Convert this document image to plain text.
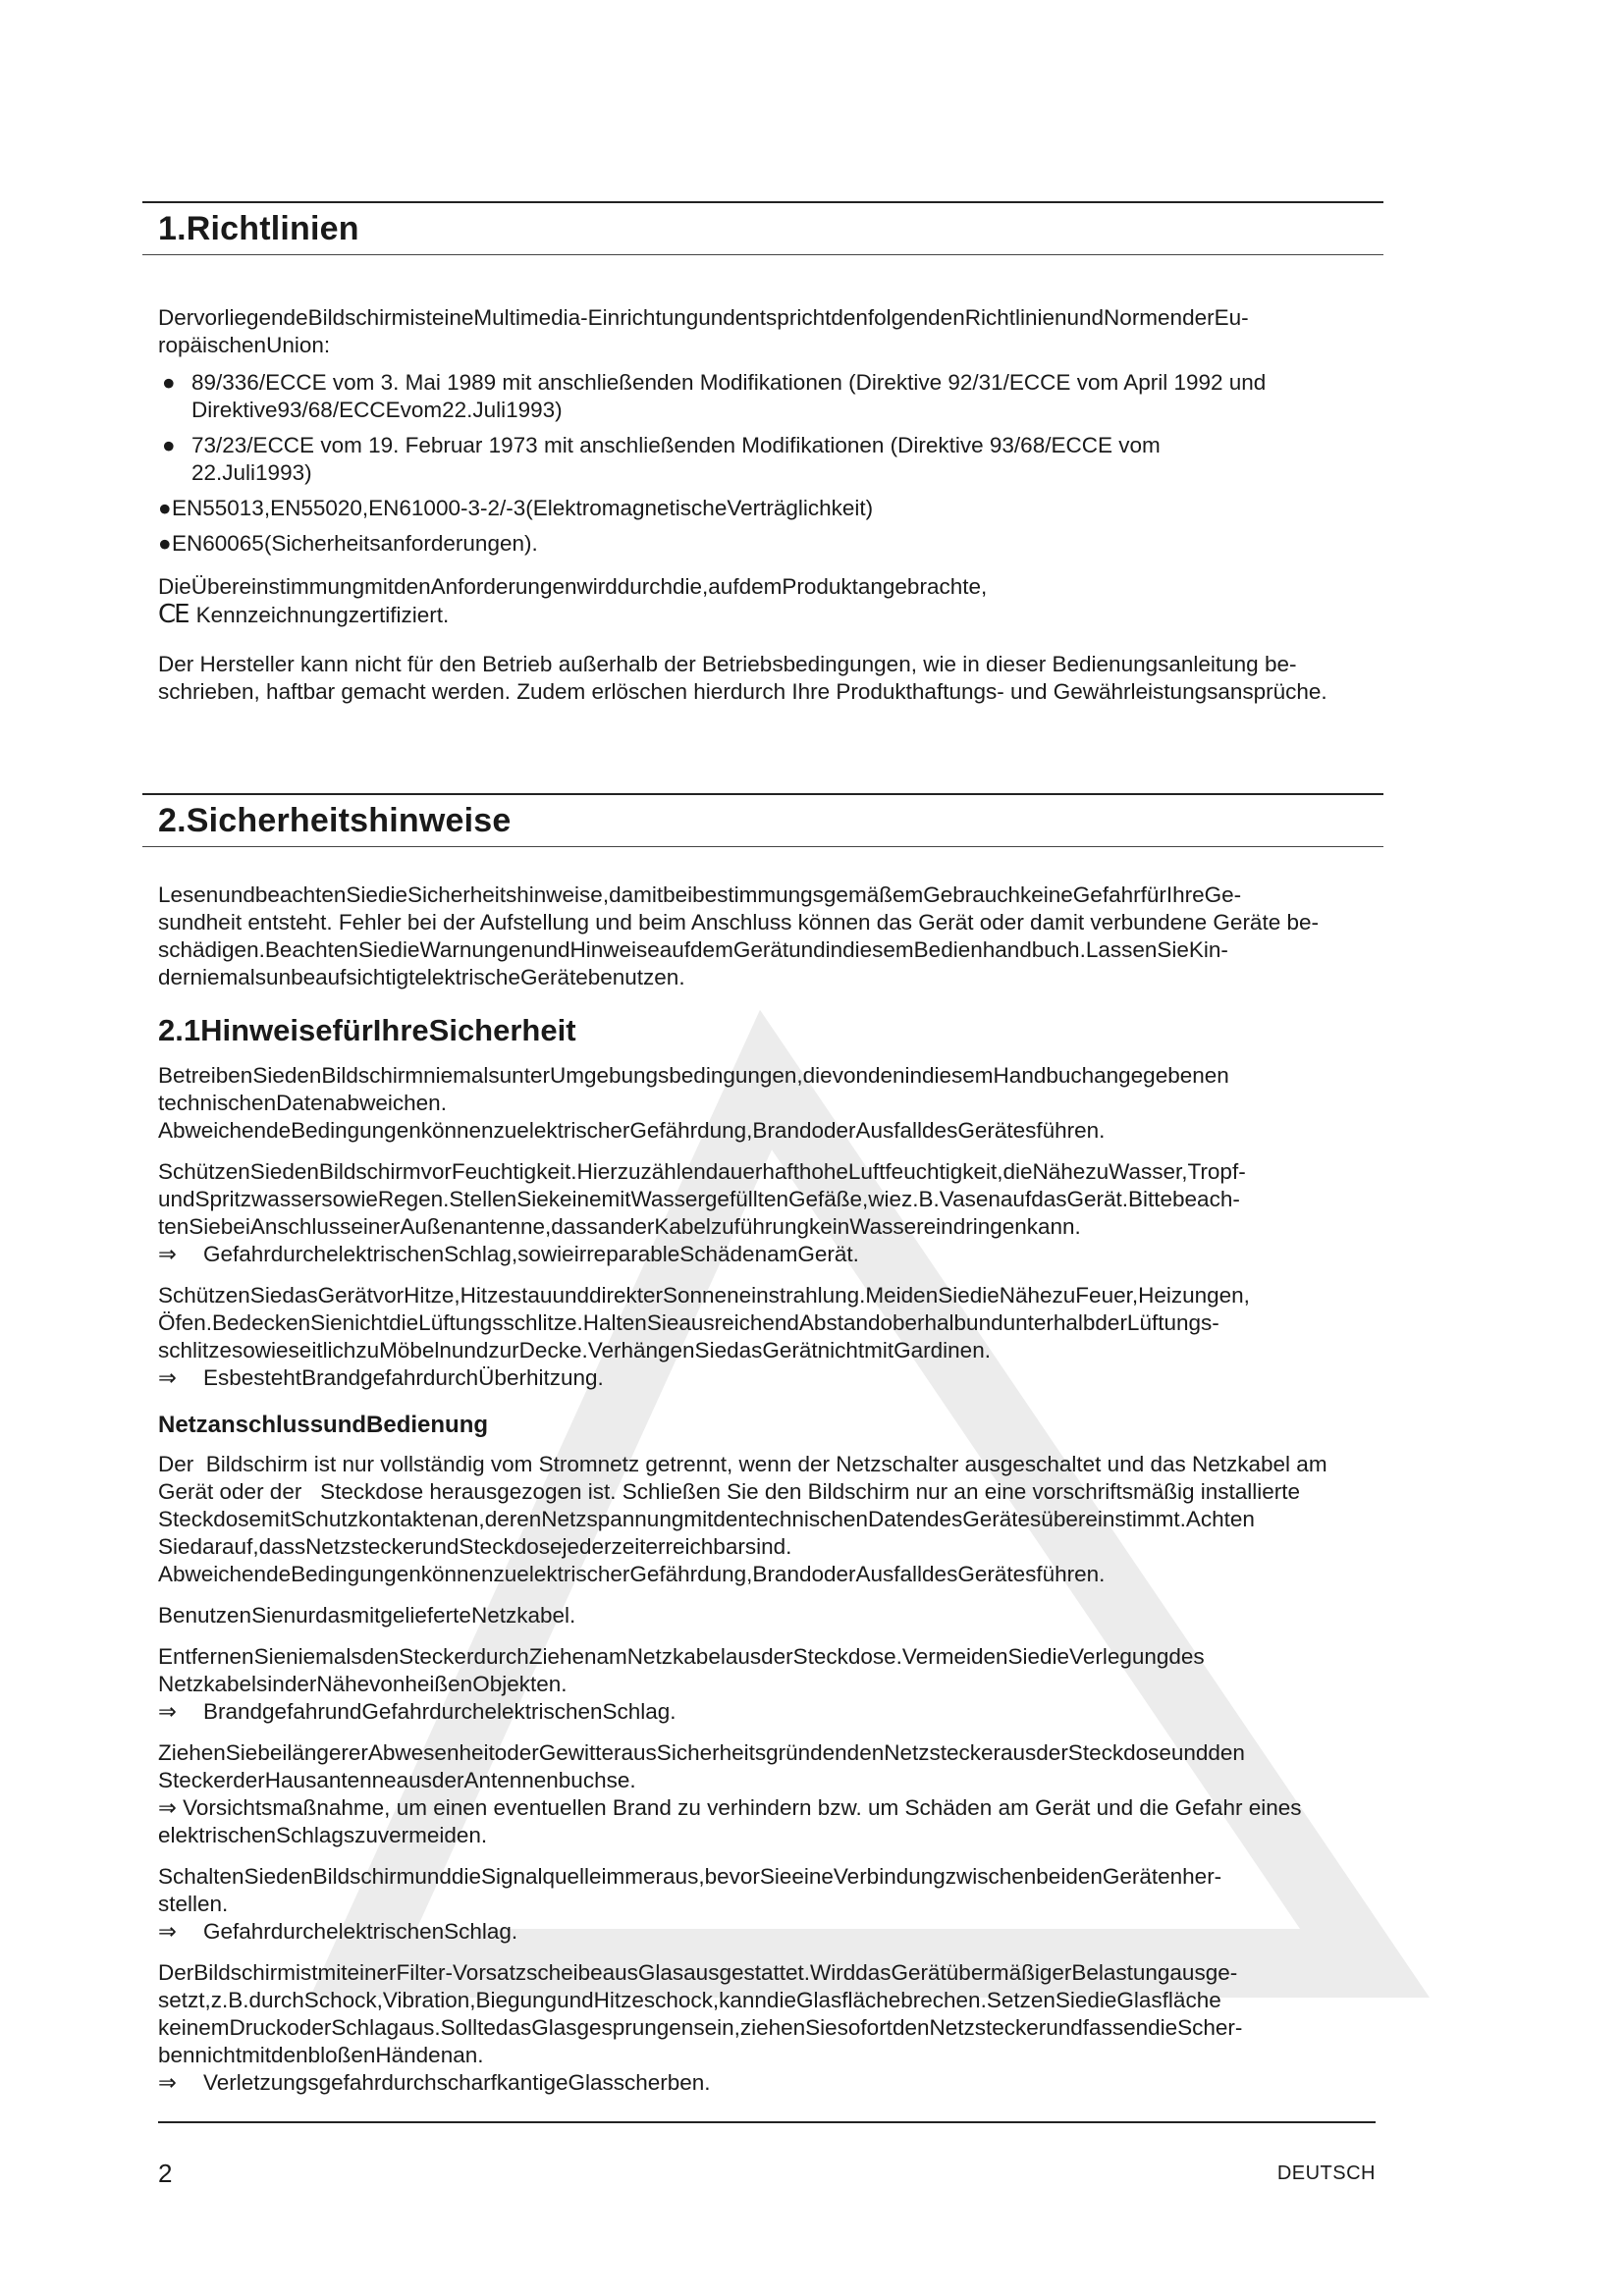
1.Richtlinien

DervorliegendeBildschirmisteineMultimedia-EinrichtungundentsprichtdenfolgendenRichtlinienundNormenderEu-
ropäischenUnion:

● 89/336/ECCE vom 3. Mai 1989 mit anschließenden Modifikationen (Direktive 92/31/ECCE vom April 1992 und
Direktive93/68/ECCEvom22.Juli1993)
● 73/23/ECCE vom 19. Februar 1973 mit anschließenden Modifikationen (Direktive 93/68/ECCE vom
22.Juli1993)
● EN55013,EN55020,EN61000-3-2/-3(ElektromagnetischeVerträglichkeit)
● EN60065(Sicherheitsanforderungen).

DieÜbereinstimmungmitdenAnforderungenwirddurchdie,aufdemProduktangebrachte,
CE Kennzeichnungzertifiziert.

Der Hersteller kann nicht für den Betrieb außerhalb der Betriebsbedingungen, wie in dieser Bedienungsanleitung be-
schrieben, haftbar gemacht werden. Zudem erlöschen hierdurch Ihre Produkthaftungs- und Gewährleistungsansprüche.

2.Sicherheitshinweise

LesenundbeachtenSiedieSicherheitshinweise,damitbeibestimmungsgemäßemGebrauchkeineGefahrfürIhreGe-
sundheit entsteht. Fehler bei der Aufstellung und beim Anschluss können das Gerät oder damit verbundene Geräte be-
schädigen.BeachtenSiedieWarnungenundHinweiseaufdemGerätundindiesemBedienhandbuch.LassenSieKin-
derniemalsunbeaufsichtigtelektrischeGerätebenutzen.

2.1HinweisefürIhreSicherheit

BetreibenSiedenBildschirmniemalsunterUmgebungsbedingungen,dievondenindiesemHandbuchangegebenen
technischenDatenabweichen.
AbweichendeBedingungenkönnenzuelektrischerGefährdung,BrandoderAusfalldesGerätesführen.

SchützenSiedenBildschirmvorFeuchtigkeit.HierzuzählendauerhafthoheLuftfeuchtigkeit,dieNähezuWasser,Tropf-
undSpritzwassersowieRegen.StellenSiekeinemitWassergefülltenGefäße,wiez.B.VasenaufdasGerät.Bittebeach-
tenSiebeiAnschlusseinerAußenantenne,dassanderKabelzuführungkeinWassereindringenkann.

⇒ GefahrdurchelektrischenSchlag,sowieirreparableSchädenamGerät.

SchützenSiedasGerätvorHitze,HitzestauunddirekterSonneneinstrahlung.MeidenSiedieNähezuFeuer,Heizungen,
Öfen.BedeckenSienichtdieLüftungsschlitze.HaltenSieausreichendAbstandoberhalbundunterhalbderLüftungs-
schlitzesowieseitlichzuMöbelnundzurDecke.VerhängenSiedasGerätnichtmitGardinen.

⇒ EsbestehtBrandgefahrdurchÜberhitzung.
NetzanschlussundBedienung

Der  Bildschirm ist nur vollständig vom Stromnetz getrennt, wenn der Netzschalter ausgeschaltet und das Netzkabel am
Gerät oder der   Steckdose herausgezogen ist. Schließen Sie den Bildschirm nur an eine vorschriftsmäßig installierte
SteckdosemitSchutzkontaktenan,derenNetzspannungmitdentechnischenDatendesGerätesübereinstimmt.Achten
Siedarauf,dassNetzsteckerundSteckdosejederzeiterreichbarsind.
AbweichendeBedingungenkönnenzuelektrischerGefährdung,BrandoderAusfalldesGerätesführen.

BenutzenSienurdasmitgelieferteNetzkabel.

EntfernenSieniemalsdenSteckerdurchZiehenamNetzkabelausderSteckdose.VermeidenSiedieVerlegungdes
NetzkabelsinderNähevonheißenObjekten.

⇒ BrandgefahrundGefahrdurchelektrischenSchlag.

ZiehenSiebeilängererAbwesenheitoderGewitterausSicherheitsgründendenNetzsteckerausderSteckdoseundden
SteckerderHausantenneausderAntennenbuchse.
⇒ Vorsichtsmaßnahme, um einen eventuellen Brand zu verhindern bzw. um Schäden am Gerät und die Gefahr eines
elektrischenSchlagszuvermeiden.

SchaltenSiedenBildschirmunddieSignalquelleimmeraus,bevorSieeineVerbindungzwischenbeidenGerätenher-
stellen.

⇒ GefahrdurchelektrischenSchlag.

DerBildschirmistmiteinerFilter-VorsatzscheibeausGlasausgestattet.WirddasGerätübermäßigerBelastungausge-
setzt,z.B.durchSchock,Vibration,BiegungundHitzeschock,kanndieGlasflächebrechen.SetzenSiedieGlasfläche
keinemDruckoderSchlagaus.SolltedasGlasgesprungensein,ziehenSiesofortdenNetzsteckerundfassendieScher-
bennichtmitdenbloßenHändenan.

⇒ VerletzungsgefahrdurchscharfkantigeGlasscherben.
2	DEUTSCH
